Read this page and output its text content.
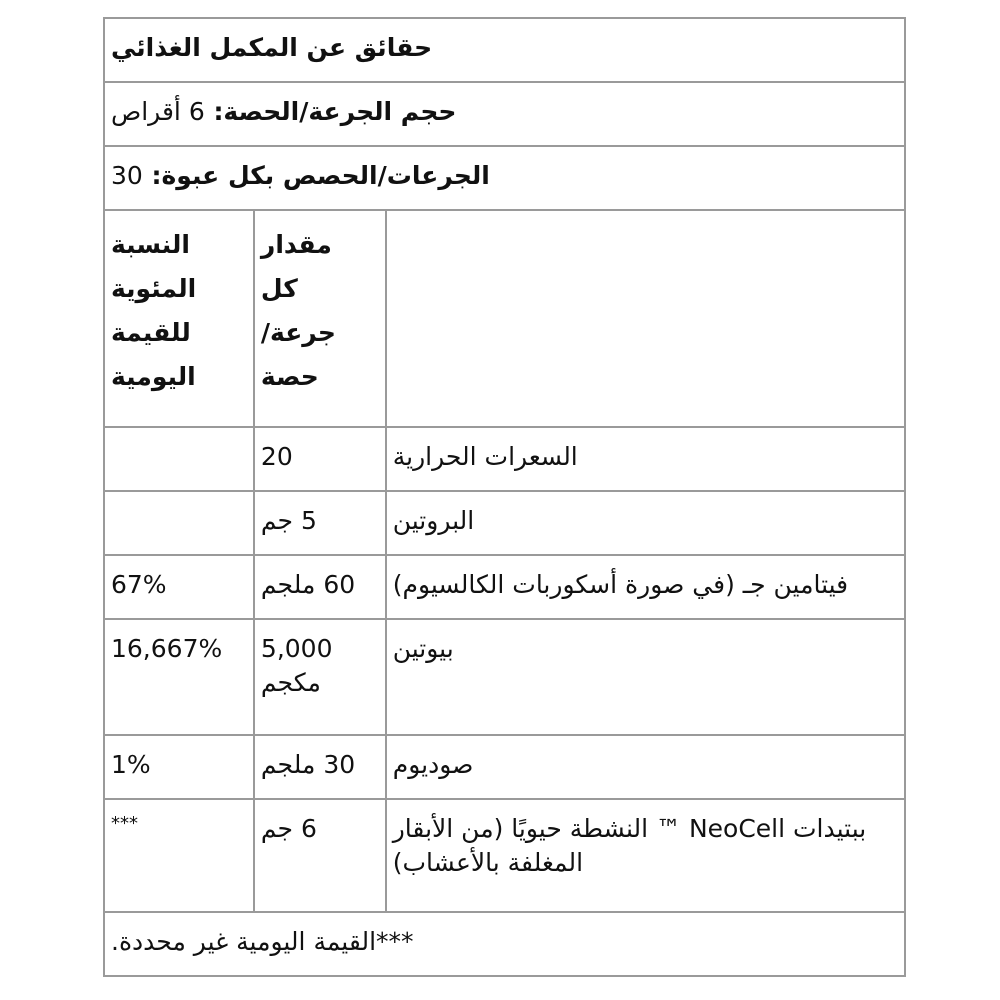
حقائق عن المكمل الغذائي		
حجم الجرعة/الحصة: 6 أقراص		
الجرعات/الحصص بكل عبوة: 30		
	مقدار كل جرعة/ حصة	النسبة المئوية للقيمة اليومية
السعرات الحرارية	20	
البروتين	5 جم	
فيتامين جـ (في صورة أسكوربات الكالسيوم)	60 ملجم	67%
بيوتين	5,000 مكجم	16,667%
صوديوم	30 ملجم	1%
ببتيدات NeoCell ™ النشطة حيويًا (من الأبقار المغلفة بالأعشاب)	6 جم	***
***القيمة اليومية غير محددة.		
